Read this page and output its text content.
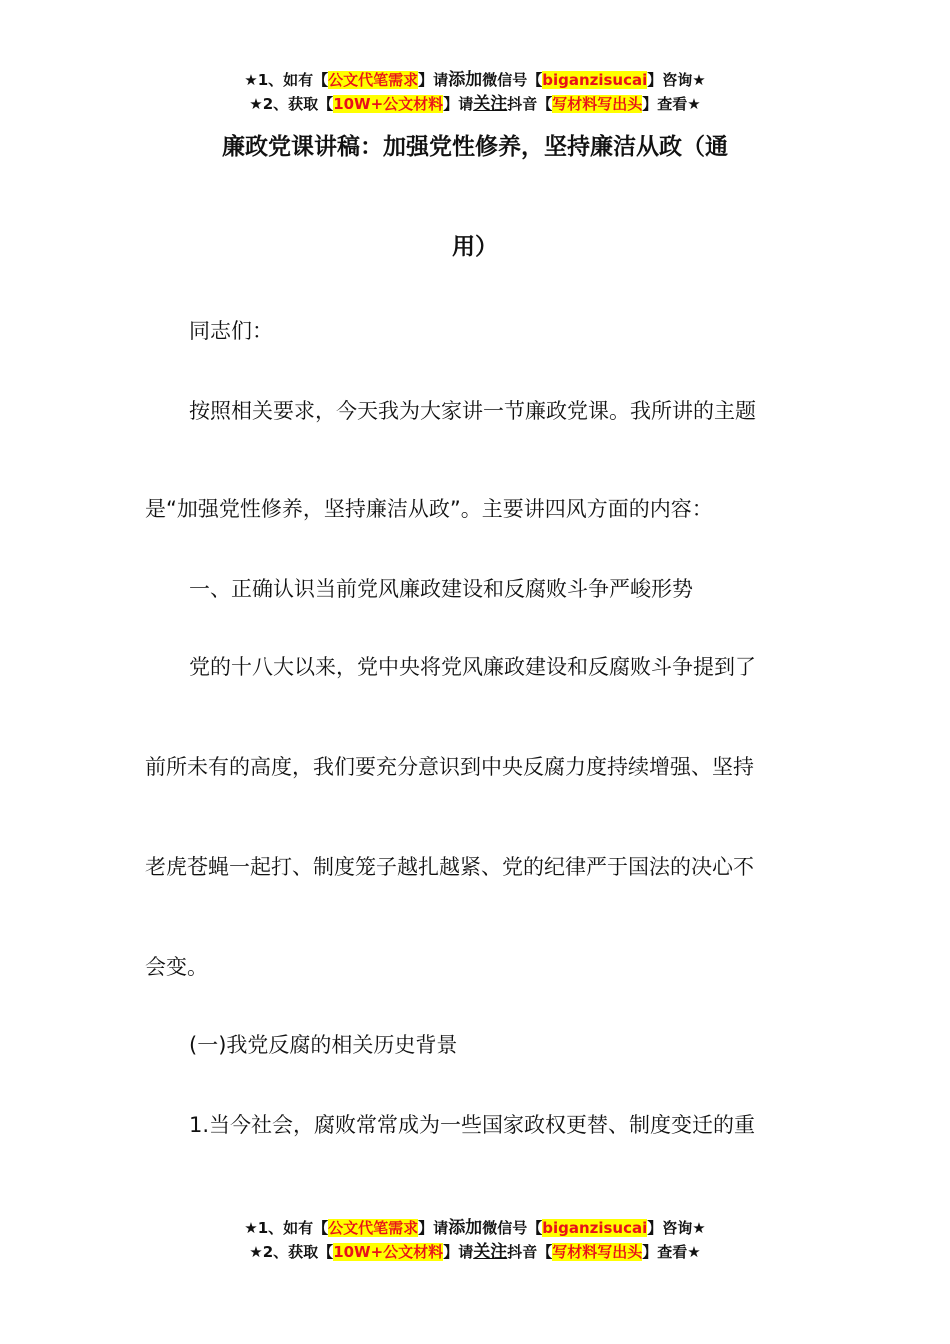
★1、如有【公文代笔需求】请添加微信号【biganzisucai】咨询★
★2、获取【10W+公文材料】请关注抖音【写材料写出头】查看★
廉政党课讲稿：加强党性修养，坚持廉洁从政（通
用）
同志们：
按照相关要求，今天我为大家讲一节廉政党课。我所讲的主题
是“加强党性修养，坚持廉洁从政”。主要讲四风方面的内容：
一、正确认识当前党风廉政建设和反腐败斗争严峻形势
党的十八大以来，党中央将党风廉政建设和反腐败斗争提到了
前所未有的高度，我们要充分意识到中央反腐力度持续增强、坚持
老虎苍蝇一起打、制度笼子越扎越紧、党的纪律严于国法的决心不
会变。
(一)我党反腐的相关历史背景
1.当今社会，腐败常常成为一些国家政权更替、制度变迁的重
★1、如有【公文代笔需求】请添加微信号【biganzisucai】咨询★
★2、获取【10W+公文材料】请关注抖音【写材料写出头】查看★
